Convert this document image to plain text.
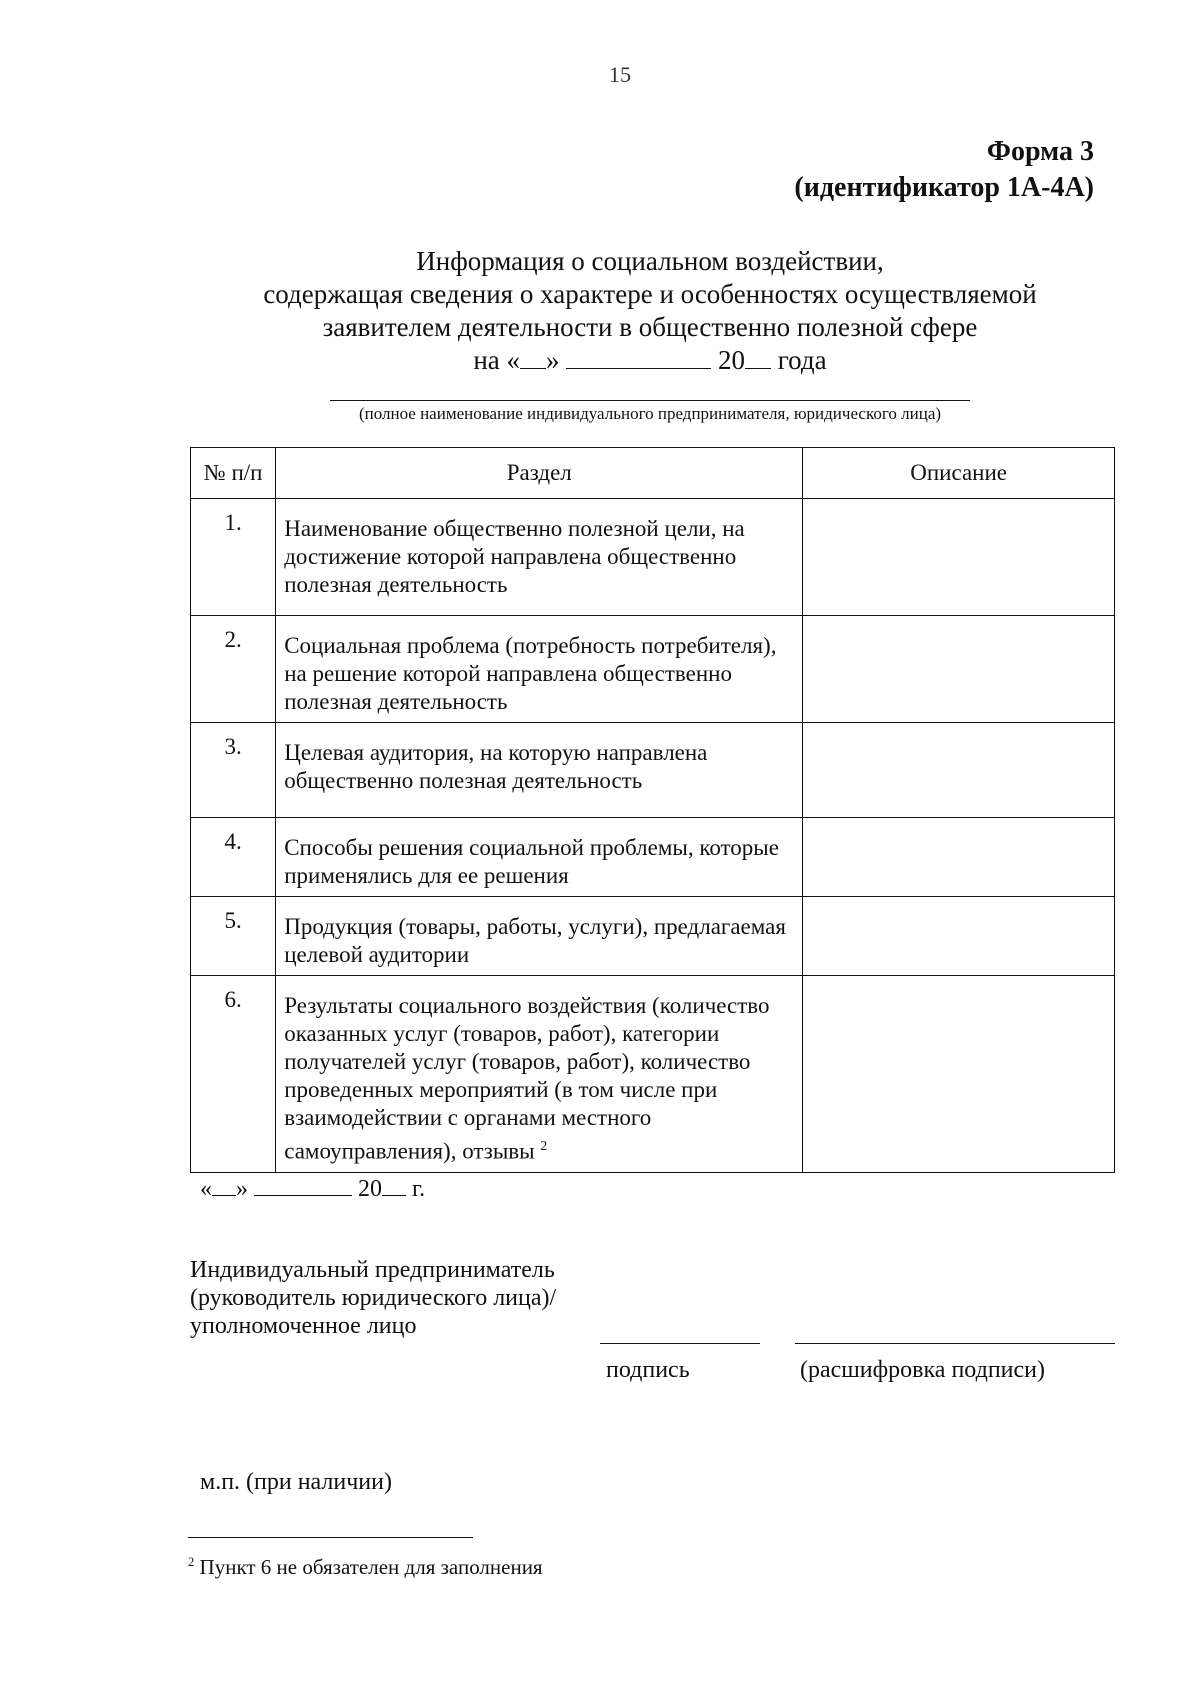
15
Форма 3
(идентификатор 1А-4А)
Информация о социальном воздействии,
содержащая сведения о характере и особенностях осуществляемой
заявителем деятельности в общественно полезной сфере
на « »	20 года
(полное наименование индивидуального предпринимателя, юридического лица)
№ п/п	Раздел	Описание
1.	Наименование общественно полезной цели, на достижение которой направлена общественно полезная деятельность	
2.	Социальная проблема (потребность потребителя), на решение которой направлена общественно полезная деятельность	
3.	Целевая аудитория, на которую направлена общественно полезная деятельность	
4.	Способы решения социальной проблемы, которые применялись для ее решения	
5.	Продукция (товары, работы, услуги), предлагаемая целевой аудитории	
6.	Результаты социального воздействия (количество оказанных услуг (товаров, работ), категории получателей услуг (товаров, работ), количество проведенных мероприятий (в том числе при взаимодействии с органами местного самоуправления), отзывы $^2$	
« »	20 г.
Индивидуальный предприниматель
(руководитель юридического лица)/
уполномоченное лицо
подпись	(расшифровка подписи)
м.п. (при наличии)
$^2$ Пункт 6 не обязателен для заполнения
